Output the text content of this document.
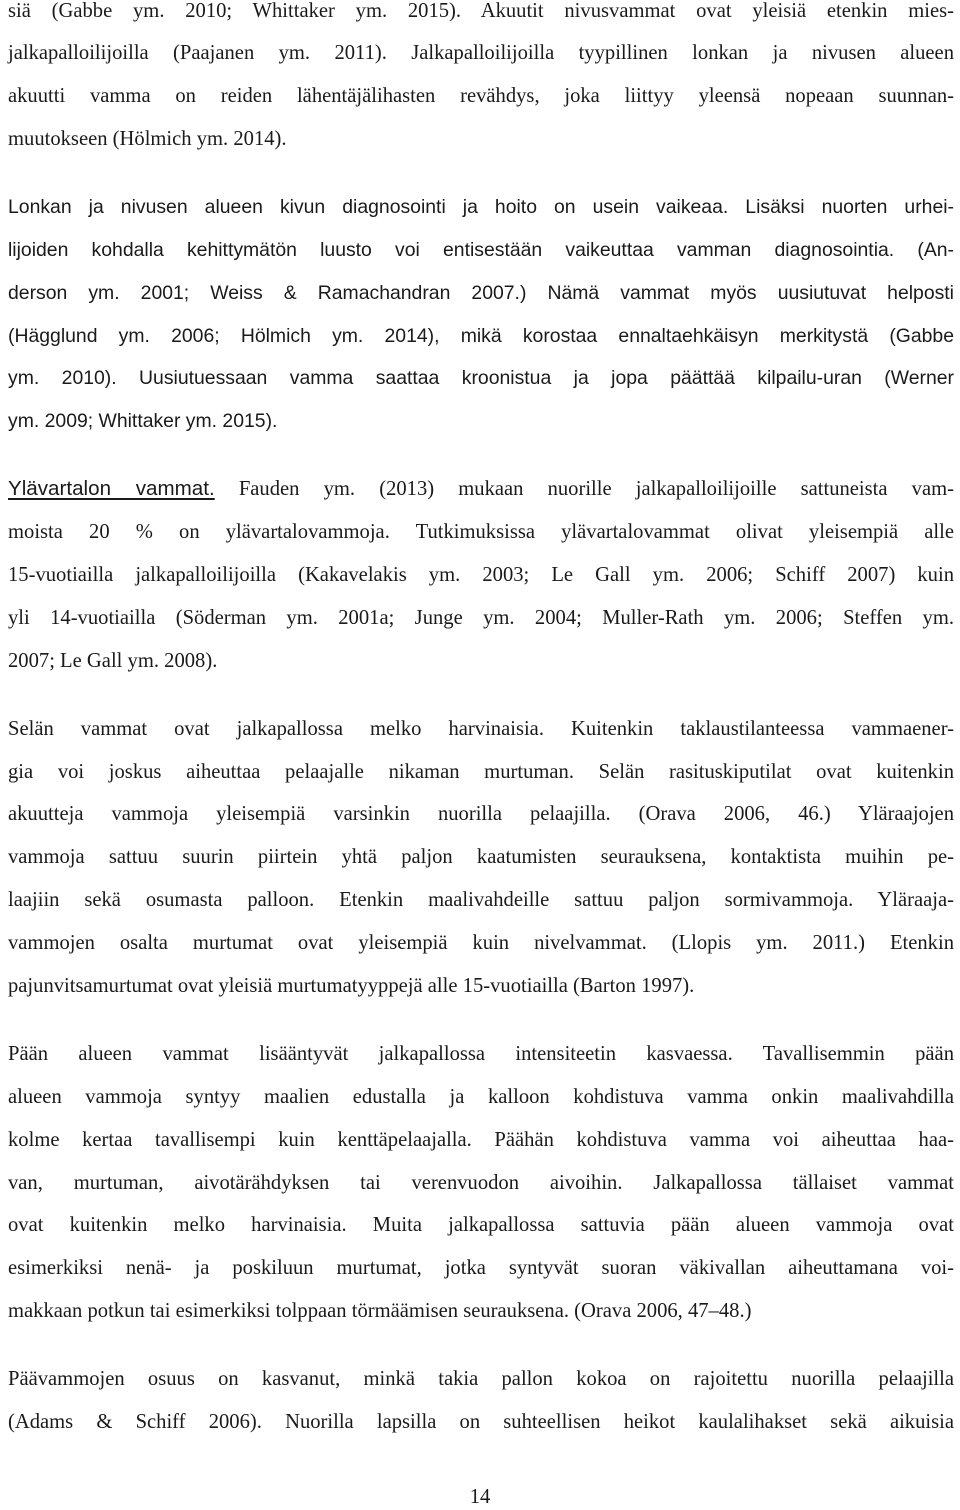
siä (Gabbe ym. 2010; Whittaker ym. 2015). Akuutit nivusvammat ovat yleisiä etenkin mies-
jalkapalloilijoilla (Paajanen ym. 2011). Jalkapalloilijoilla tyypillinen lonkan ja nivusen alueen
akuutti vamma on reiden lähentäjälihasten revähdys, joka liittyy yleensä nopeaan suunnan-
muutokseen (Hölmich ym. 2014).
Lonkan ja nivusen alueen kivun diagnosointi ja hoito on usein vaikeaa. Lisäksi nuorten urhei-
lijoiden kohdalla kehittymätön luusto voi entisestään vaikeuttaa vamman diagnosointia. (An-
derson ym. 2001; Weiss & Ramachandran 2007.) Nämä vammat myös uusiutuvat helposti
(Hägglund ym. 2006; Hölmich ym. 2014), mikä korostaa ennaltaehkäisyn merkitystä (Gabbe
ym. 2010). Uusiutuessaan vamma saattaa kroonistua ja jopa päättää kilpailu-uran (Werner
ym. 2009; Whittaker ym. 2015).
Ylävartalon vammat. Fauden ym. (2013) mukaan nuorille jalkapalloilijoille sattuneista vam-
moista 20 % on ylävartalovammoja. Tutkimuksissa ylävartalovammat olivat yleisempiä alle
15-vuotiailla jalkapalloilijoilla (Kakavelakis ym. 2003; Le Gall ym. 2006; Schiff 2007) kuin
yli 14-vuotiailla (Söderman ym. 2001a; Junge ym. 2004; Muller-Rath ym. 2006; Steffen ym.
2007; Le Gall ym. 2008).
Selän vammat ovat jalkapallossa melko harvinaisia. Kuitenkin taklaustilanteessa vammaener-
gia voi joskus aiheuttaa pelaajalle nikaman murtuman. Selän rasituskiputilat ovat kuitenkin
akuutteja vammoja yleisempiä varsinkin nuorilla pelaajilla. (Orava 2006, 46.) Yläraajojen
vammoja sattuu suurin piirtein yhtä paljon kaatumisten seurauksena, kontaktista muihin pe-
laajiin sekä osumasta palloon. Etenkin maalivahdeille sattuu paljon sormivammoja. Yläraaja-
vammojen osalta murtumat ovat yleisempiä kuin nivelvammat. (Llopis ym. 2011.) Etenkin
pajunvitsamurtumat ovat yleisiä murtumatyyppejä alle 15-vuotiailla (Barton 1997).
Pään alueen vammat lisääntyvät jalkapallossa intensiteetin kasvaessa. Tavallisemmin pään
alueen vammoja syntyy maalien edustalla ja kalloon kohdistuva vamma onkin maalivahdilla
kolme kertaa tavallisempi kuin kenttäpelaajalla. Päähän kohdistuva vamma voi aiheuttaa haa-
van, murtuman, aivotärähdyksen tai verenvuodon aivoihin. Jalkapallossa tällaiset vammat
ovat kuitenkin melko harvinaisia. Muita jalkapallossa sattuvia pään alueen vammoja ovat
esimerkiksi nenä- ja poskiluun murtumat, jotka syntyvät suoran väkivallan aiheuttamana voi-
makkaan potkun tai esimerkiksi tolppaan törmäämisen seurauksena. (Orava 2006, 47–48.)
Päävammojen osuus on kasvanut, minkä takia pallon kokoa on rajoitettu nuorilla pelaajilla
(Adams & Schiff 2006). Nuorilla lapsilla on suhteellisen heikot kaulalihakset sekä aikuisia
14
